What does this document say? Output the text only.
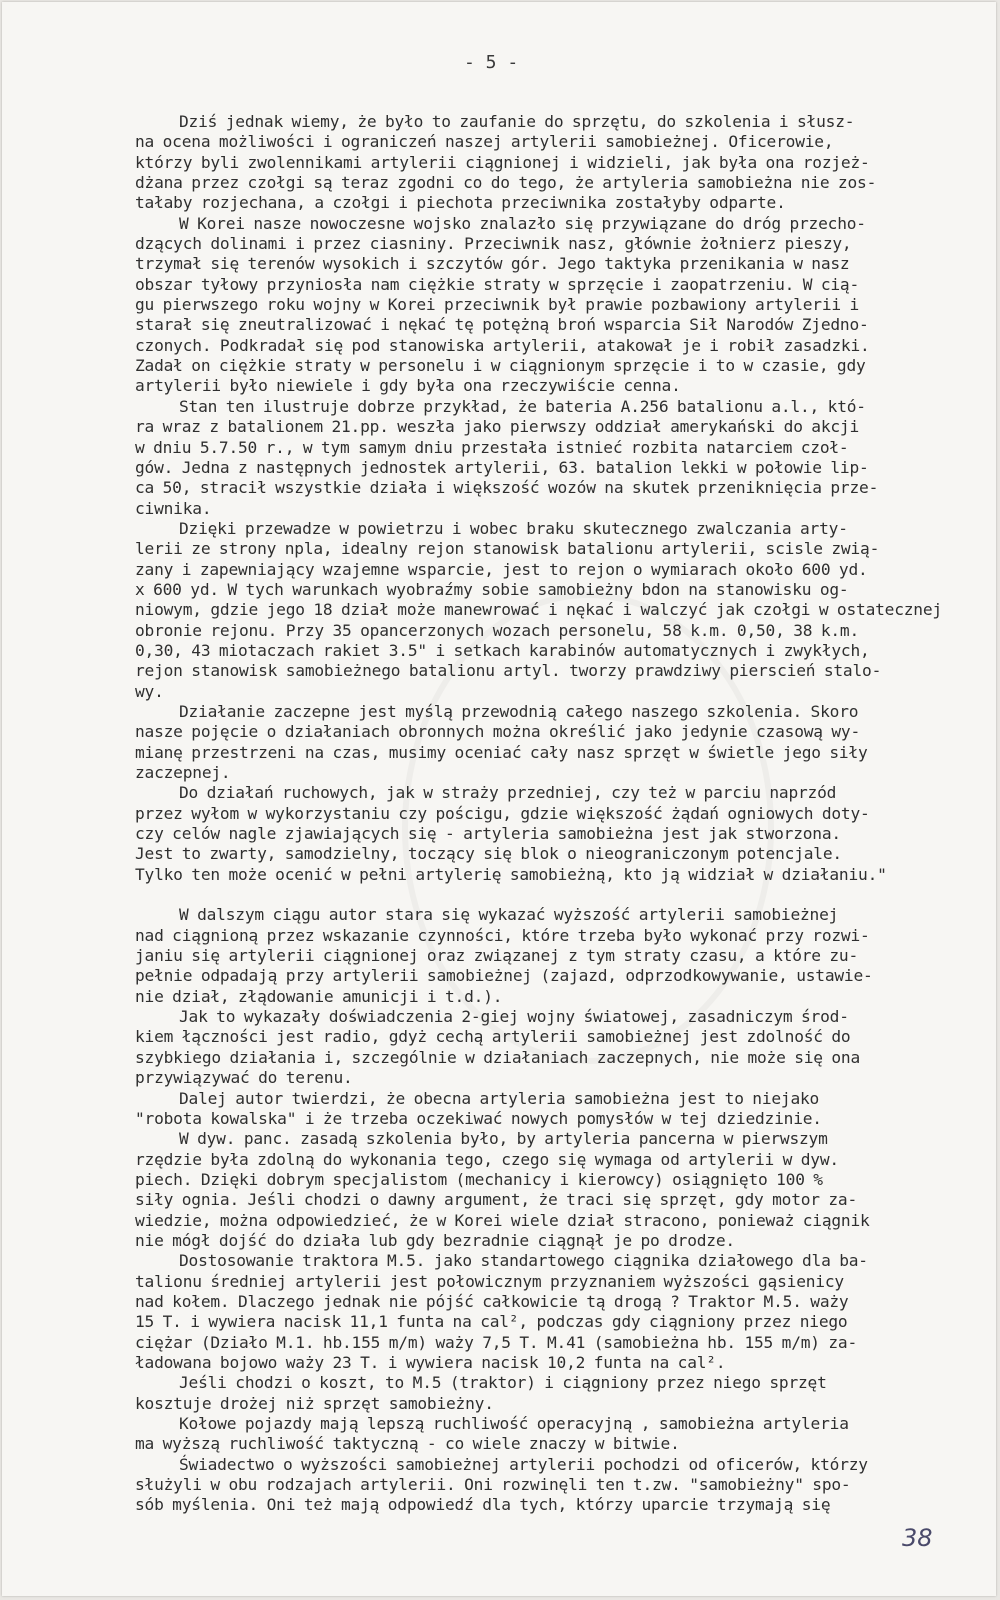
- 5 -
Dziś jednak wiemy, że było to zaufanie do sprzętu, do szkolenia i słusz-
na ocena możliwości i ograniczeń naszej artylerii samobieżnej. Oficerowie,
którzy byli zwolennikami artylerii ciągnionej i widzieli, jak była ona rozjeż-
dżana przez czołgi są teraz zgodni co do tego, że artyleria samobieżna nie zos-
tałaby rozjechana, a czołgi i piechota przeciwnika zostałyby odparte.
W Korei nasze nowoczesne wojsko znalazło się przywiązane do dróg przecho-
dzących dolinami i przez ciasniny. Przeciwnik nasz, głównie żołnierz pieszy,
trzymał się terenów wysokich i szczytów gór. Jego taktyka przenikania w nasz
obszar tyłowy przyniosła nam ciężkie straty w sprzęcie i zaopatrzeniu. W cią-
gu pierwszego roku wojny w Korei przeciwnik był prawie pozbawiony artylerii i
starał się zneutralizować i nękać tę potężną broń wsparcia Sił Narodów Zjedno-
czonych. Podkradał się pod stanowiska artylerii, atakował je i robił zasadzki.
Zadał on ciężkie straty w personelu i w ciągnionym sprzęcie i to w czasie, gdy
artylerii było niewiele i gdy była ona rzeczywiście cenna.
Stan ten ilustruje dobrze przykład, że bateria A.256 batalionu a.l., któ-
ra wraz z batalionem 21.pp. weszła jako pierwszy oddział amerykański do akcji
w dniu 5.7.50 r., w tym samym dniu przestała istnieć rozbita natarciem czoł-
gów. Jedna z następnych jednostek artylerii, 63. batalion lekki w połowie lip-
ca 50, stracił wszystkie działa i większość wozów na skutek przeniknięcia prze-
ciwnika.
Dzięki przewadze w powietrzu i wobec braku skutecznego zwalczania arty-
lerii ze strony npla, idealny rejon stanowisk batalionu artylerii, scisle zwią-
zany i zapewniający wzajemne wsparcie, jest to rejon o wymiarach około 600 yd.
x 600 yd. W tych warunkach wyobraźmy sobie samobieżny bdon na stanowisku og-
niowym, gdzie jego 18 dział może manewrować i nękać i walczyć jak czołgi w ostatecznej
obronie rejonu. Przy 35 opancerzonych wozach personelu, 58 k.m. 0,50, 38 k.m.
0,30, 43 miotaczach rakiet 3.5" i setkach karabinów automatycznych i zwykłych,
rejon stanowisk samobieżnego batalionu artyl. tworzy prawdziwy pierscień stalo-
wy.
Działanie zaczepne jest myślą przewodnią całego naszego szkolenia. Skoro
nasze pojęcie o działaniach obronnych można określić jako jedynie czasową wy-
mianę przestrzeni na czas, musimy oceniać cały nasz sprzęt w świetle jego siły
zaczepnej.
Do działań ruchowych, jak w straży przedniej, czy też w parciu naprzód
przez wyłom w wykorzystaniu czy pościgu, gdzie większość żądań ogniowych doty-
czy celów nagle zjawiających się - artyleria samobieżna jest jak stworzona.
Jest to zwarty, samodzielny, toczący się blok o nieograniczonym potencjale.
Tylko ten może ocenić w pełni artylerię samobieżną, kto ją widział w działaniu."
W dalszym ciągu autor stara się wykazać wyższość artylerii samobieżnej
nad ciągnioną przez wskazanie czynności, które trzeba było wykonać przy rozwi-
janiu się artylerii ciągnionej oraz związanej z tym straty czasu, a które zu-
pełnie odpadają przy artylerii samobieżnej (zajazd, odprzodkowywanie, ustawie-
nie dział, złądowanie amunicji i t.d.).
Jak to wykazały doświadczenia 2-giej wojny światowej, zasadniczym środ-
kiem łączności jest radio, gdyż cechą artylerii samobieżnej jest zdolność do
szybkiego działania i, szczególnie w działaniach zaczepnych, nie może się ona
przywiązywać do terenu.
Dalej autor twierdzi, że obecna artyleria samobieżna jest to niejako
"robota kowalska" i że trzeba oczekiwać nowych pomysłów w tej dziedzinie.
W dyw. panc. zasadą szkolenia było, by artyleria pancerna w pierwszym
rzędzie była zdolną do wykonania tego, czego się wymaga od artylerii w dyw.
piech. Dzięki dobrym specjalistom (mechanicy i kierowcy) osiągnięto 100 %
siły ognia. Jeśli chodzi o dawny argument, że traci się sprzęt, gdy motor za-
wiedzie, można odpowiedzieć, że w Korei wiele dział stracono, ponieważ ciągnik
nie mógł dojść do działa lub gdy bezradnie ciągnął je po drodze.
Dostosowanie traktora M.5. jako standartowego ciągnika działowego dla ba-
talionu średniej artylerii jest połowicznym przyznaniem wyższości gąsienicy
nad kołem. Dlaczego jednak nie pójść całkowicie tą drogą ? Traktor M.5. waży
15 T. i wywiera nacisk 11,1 funta na cal², podczas gdy ciągniony przez niego
ciężar (Działo M.1. hb.155 m/m) waży 7,5 T. M.41 (samobieżna hb. 155 m/m) za-
ładowana bojowo waży 23 T. i wywiera nacisk 10,2 funta na cal².
Jeśli chodzi o koszt, to M.5 (traktor) i ciągniony przez niego sprzęt
kosztuje drożej niż sprzęt samobieżny.
Kołowe pojazdy mają lepszą ruchliwość operacyjną , samobieżna artyleria
ma wyższą ruchliwość taktyczną - co wiele znaczy w bitwie.
Świadectwo o wyższości samobieżnej artylerii pochodzi od oficerów, którzy
służyli w obu rodzajach artylerii. Oni rozwinęli ten t.zw. "samobieżny" spo-
sób myślenia. Oni też mają odpowiedź dla tych, którzy uparcie trzymają się
38
